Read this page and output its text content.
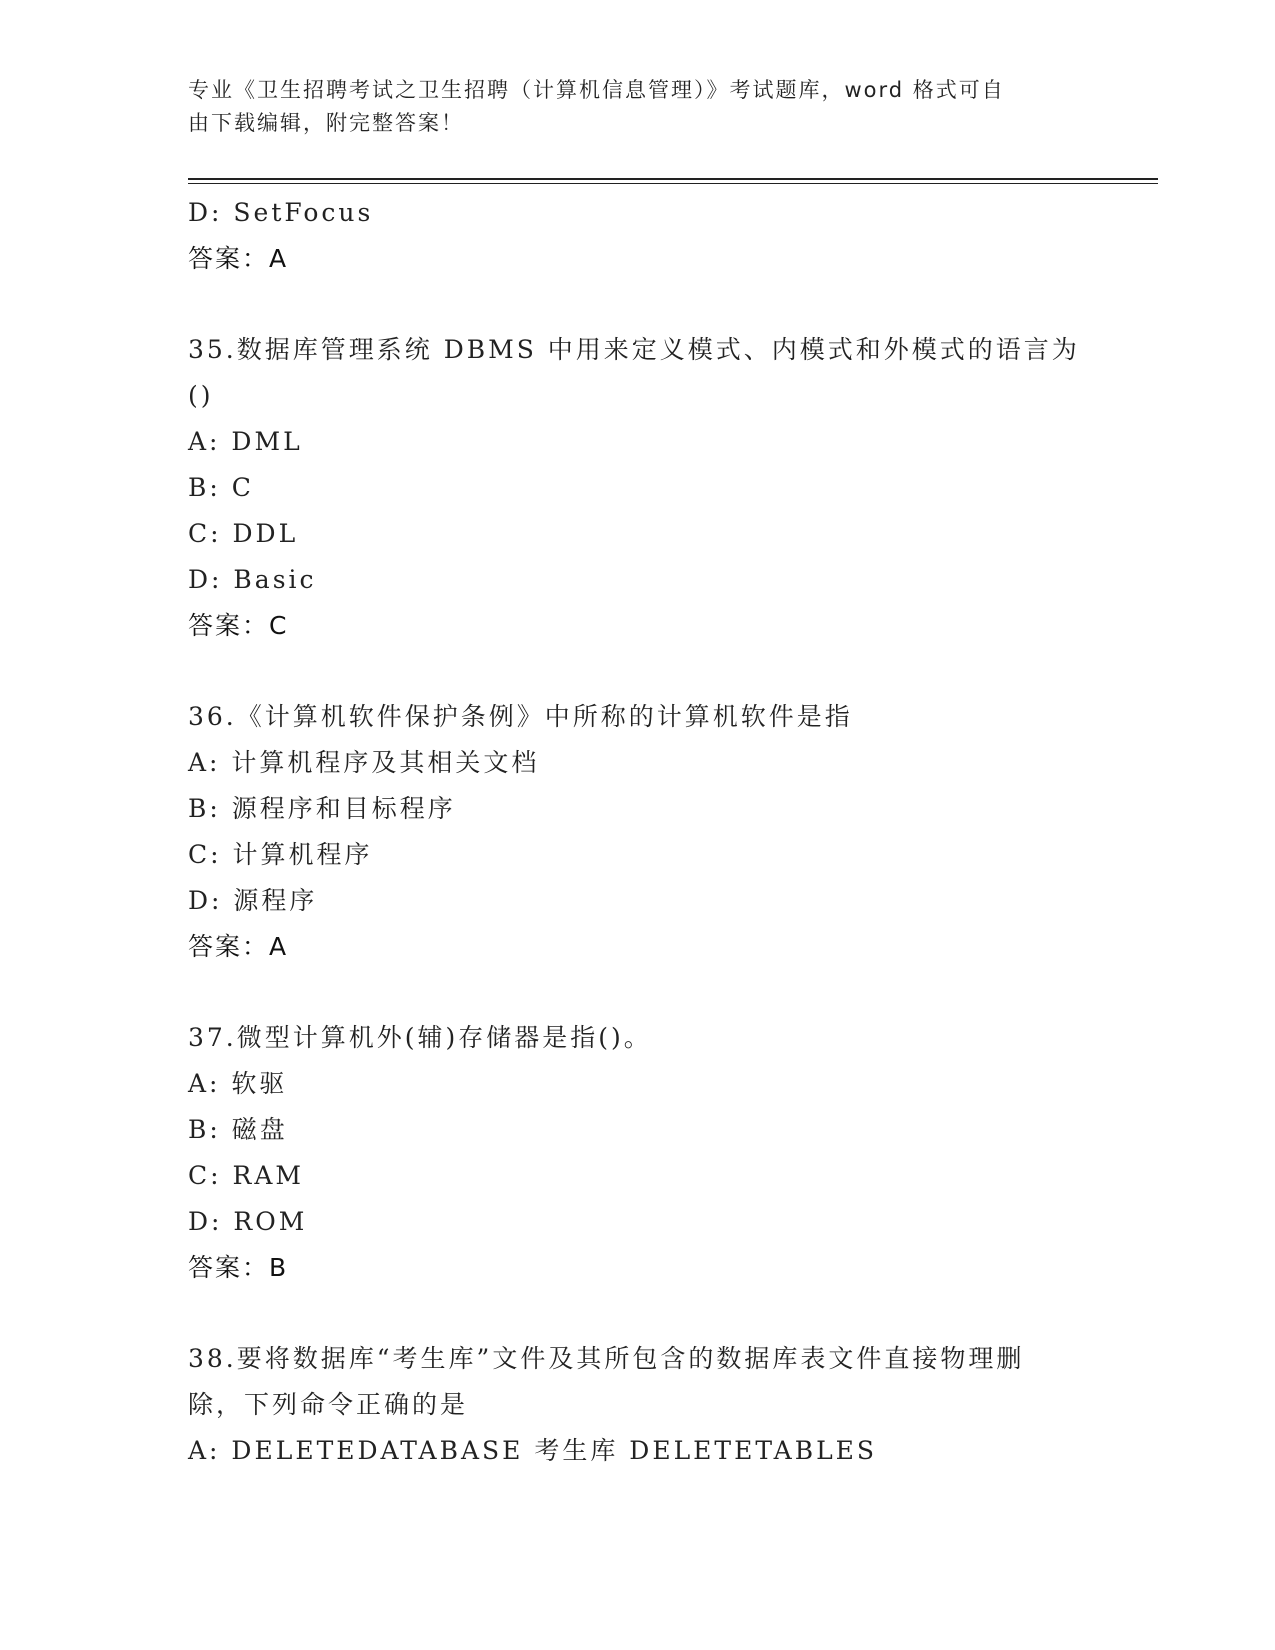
专业《卫生招聘考试之卫生招聘（计算机信息管理）》考试题库，word 格式可自
由下载编辑，附完整答案！
D: SetFocus
答案：A
35.数据库管理系统 DBMS 中用来定义模式、内模式和外模式的语言为
()
A: DML
B: C
C: DDL
D: Basic
答案：C
36.《计算机软件保护条例》中所称的计算机软件是指
A: 计算机程序及其相关文档
B: 源程序和目标程序
C: 计算机程序
D: 源程序
答案：A
37.微型计算机外(辅)存储器是指()。
A: 软驱
B: 磁盘
C: RAM
D: ROM
答案：B
38.要将数据库“考生库”文件及其所包含的数据库表文件直接物理删
除，下列命令正确的是
A: DELETEDATABASE 考生库 DELETETABLES
